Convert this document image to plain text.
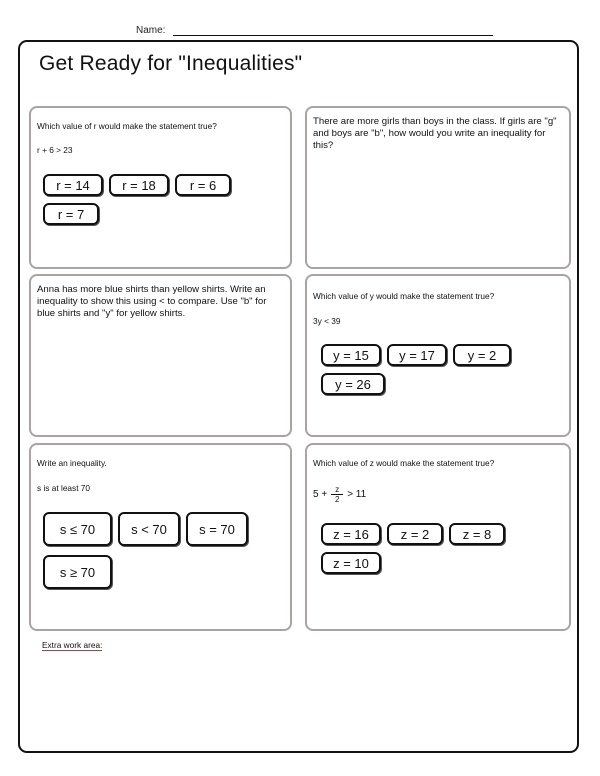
Name:
Get Ready for "Inequalities"
Which value of r would make the statement true?
r + 6 > 23
r = 14	r = 18	r = 6
r = 7
There are more girls than boys in the class. If girls are "g" and boys are "b", how would you write an inequality for this?
Anna has more blue shirts than yellow shirts. Write an inequality to show this using < to compare. Use "b" for blue shirts and "y" for yellow shirts.
Which value of y would make the statement true?
3y < 39
y = 15	y = 17	y = 2
y = 26
Write an inequality.
s is at least 70
s ≤ 70	s < 70	s = 70
s ≥ 70
Which value of z would make the statement true?
$5 + \frac{z}{2} > 11$
z = 16	z = 2	z = 8
z = 10
Extra work area:
